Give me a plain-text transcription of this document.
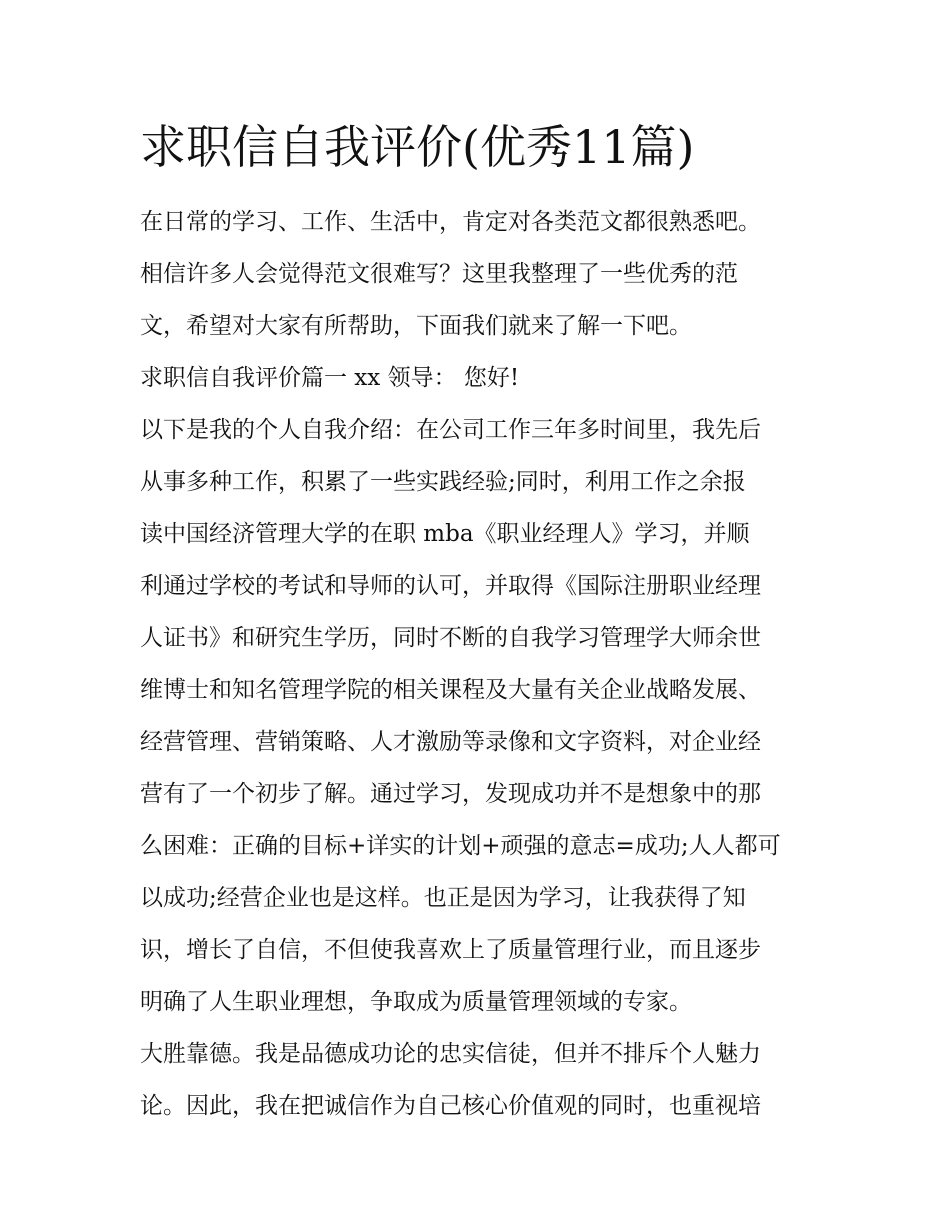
求职信自我评价(优秀11篇)
在日常的学习、工作、生活中，肯定对各类范文都很熟悉吧。
相信许多人会觉得范文很难写？这里我整理了一些优秀的范
文，希望对大家有所帮助，下面我们就来了解一下吧。
求职信自我评价篇一 xx 领导： 您好!
以下是我的个人自我介绍：在公司工作三年多时间里，我先后
从事多种工作，积累了一些实践经验;同时，利用工作之余报
读中国经济管理大学的在职 mba《职业经理人》学习，并顺
利通过学校的考试和导师的认可，并取得《国际注册职业经理
人证书》和研究生学历，同时不断的自我学习管理学大师余世
维博士和知名管理学院的相关课程及大量有关企业战略发展、
经营管理、营销策略、人才激励等录像和文字资料，对企业经
营有了一个初步了解。通过学习，发现成功并不是想象中的那
么困难：正确的目标+详实的计划+顽强的意志=成功;人人都可
以成功;经营企业也是这样。也正是因为学习，让我获得了知
识，增长了自信，不但使我喜欢上了质量管理行业，而且逐步
明确了人生职业理想，争取成为质量管理领域的专家。
大胜靠德。我是品德成功论的忠实信徒，但并不排斥个人魅力
论。因此，我在把诚信作为自己核心价值观的同时，也重视培
